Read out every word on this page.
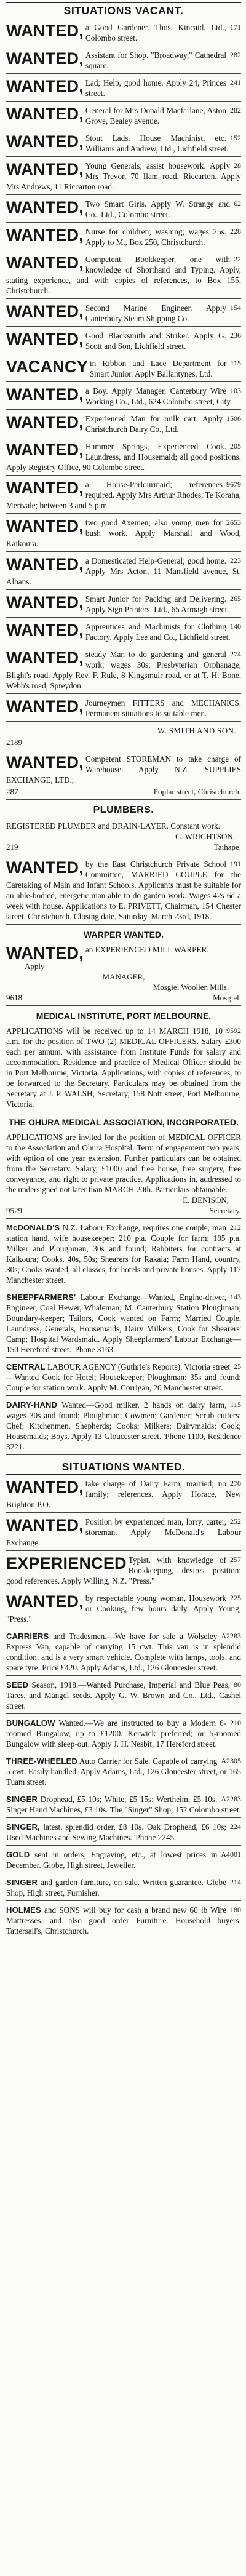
SITUATIONS VACANT.
171
WANTED, a Good Gardener. Thos. Kincaid, Ltd., Colombo street.
282
WANTED, Assistant for Shop. "Broadway," Cathedral square.
241
WANTED, Lad; Help, good home. Apply 24, Princes street.
282
WANTED, General for Mrs Donald Macfarlane, Aston Grove, Bealey avenue.
152
WANTED, Stout Lads. House Machinist, etc. Williams and Andrew, Ltd., Lichfield street.
28
WANTED, Young Generals; assist housework. Apply Mrs Trevor, 70 Ilam road, Riccarton. Apply Mrs Andrews, 11 Riccarton road.
62
WANTED, Two Smart Girls. Apply W. Strange and Co., Ltd., Colombo street.
228
WANTED, Nurse for children; washing; wages 25s. Apply to M., Box 250, Christchurch.
22
WANTED, Competent Bookkeeper, one with knowledge of Shorthand and Typing. Apply, stating experience, and with copies of references, to Box 155, Christchurch.
154
WANTED, Second Marine Engineer. Apply Canterbury Steam Shipping Co.
236
WANTED, Good Blacksmith and Striker. Apply G. Scott and Son, Lichfield street.
115
VACANCY in Ribbon and Lace Department for Smart Junior. Apply Ballantynes, Ltd.
103
WANTED, a Boy. Apply Manager, Canterbury Wire Working Co., Ltd., 624 Colombo street, City.
1506
WANTED, Experienced Man for milk cart. Apply Christchurch Dairy Co., Ltd.
205
WANTED, Hammer Springs, Experienced Cook. Laundress, and Housemaid; all good positions. Apply Registry Office, 90 Colombo street.
9679
WANTED, a House-Parlourmaid; references required. Apply Mrs Arthur Rhodes, Te Koraha, Merivale; between 3 and 5 p.m.
2653
WANTED, two good Axemen; also young men for bush work. Apply Marshall and Wood, Kaikoura.
223
WANTED, a Domesticated Help-General; good home. Apply Mrs Acton, 11 Mansfield avenue, St. Albans.
265
WANTED, Smart Junior for Packing and Delivering. Apply Sign Printers, Ltd., 65 Armagh street.
140
WANTED, Apprentices and Machinists for Clothing Factory. Apply Lee and Co., Lichfield street.
274
WANTED, steady Man to do gardening and general work; wages 30s; Presbyterian Orphanage, Blight's road. Apply Rev. F. Rule, 8 Kingsmuir road, or at T. H. Bone, Webb's road, Spreydon.
WANTED, Journeymen FITTERS and MECHANICS. Permanent situations to suitable men.
W. SMITH AND SON.
2189
WANTED, Competent STOREMAN to take charge of Warehouse. Apply N.Z. SUPPLIES EXCHANGE, LTD.,
287	Poplar street, Christchurch.
PLUMBERS.
REGISTERED PLUMBER and DRAIN-LAYER. Constant work.
G. WRIGHTSON,
219	Taihape.
191
WANTED, by the East Christchurch Private School Committee, MARRIED COUPLE for the Caretaking of Main and Infant Schools. Applicants must be suitable for an able-bodied, energetic man able to do garden work. Wages 42s 6d a week with house. Applications to E. PRIVETT, Chairman, 154 Chester street, Christchurch. Closing date, Saturday, March 23rd, 1918.
WARPER WANTED.
WANTED, an EXPERIENCED MILL WARPER.
Apply
MANAGER,
Mosgiel Woollen Mills,
9618	Mosgiel.
MEDICAL INSTITUTE, PORT MELBOURNE.
9592
APPLICATIONS will be received up to 14 MARCH 1918, 10 a.m. for the position of TWO (2) MEDICAL OFFICERS. Salary £300 each per annum, with assistance from Institute Funds for salary and accommodation. Residence and practice of Medical Officer should be in Port Melbourne, Victoria. Applications, with copies of references, to be forwarded to the Secretary. Particulars may be obtained from the Secretary at J. P. WALSH, Secretary, 158 Nott street, Port Melbourne, Victoria.
THE OHURA MEDICAL ASSOCIATION, INCORPORATED.
APPLICATIONS are invited for the position of MEDICAL OFFICER to the Association and Ohura Hospital. Term of engagement two years, with option of one year extension. Further particulars can be obtained from the Secretary. Salary, £1000 and free house, free surgery, free conveyance, and right to private practice. Applications in, addressed to the undersigned not later than MARCH 20th. Particulars obtainable.
E. DENISON,
9529	Secretary.
212
McDONALD'S N.Z. Labour Exchange, requires one couple, man station hand, wife housekeeper; 210 p.a. Couple for farm; 185 p.a. Milker and Ploughman, 30s and found; Rabbiters for contracts at Kaikoura; Cooks, 40s, 50s; Shearers for Rakaia; Farm Hand, country, 30s; Cooks wanted, all classes, for hotels and private houses. Apply 117 Manchester street.
143
SHEEPFARMERS' Labour Exchange—Wanted, Engine-driver, Engineer, Coal Hewer, Whaleman; M. Canterbury Station Ploughman; Boundary-keeper; Tailors, Cook wanted on Farm; Married Couple, Laundress, Generals, Housemaids, Dairy Milkers; Cook for Shearers' Camp; Hospital Wardsmaid. Apply Sheepfarmers' Labour Exchange—150 Hereford street. 'Phone 3163.
25
CENTRAL LABOUR AGENCY (Guthrie's Reports), Victoria street—Wanted Cook for Hotel; Housekeeper; Ploughman; 35s and found; Couple for station work. Apply M. Corrigan, 20 Manchester street.
115
DAIRY-HAND Wanted—Good milker, 2 hands on dairy farm, wages 30s and found; Ploughman; Cowmen; Gardener; Scrub cutters; Chef; Kitchenmen. Shepherds; Cooks; Milkers; Dairymaids; Cook; Housemaids; Boys. Apply 13 Gloucester street. 'Phone 1100, Residence 3221.
SITUATIONS WANTED.
270
WANTED, take charge of Dairy Farm, married; no family; references. Apply Horace, New Brighton P.O.
252
WANTED, Position by experienced man, lorry, carter, storeman. Apply McDonald's Labour Exchange.
257
EXPERIENCED Typist, with knowledge of Bookkeeping, desires position; good references. Apply Willing, N.Z. "Press."
225
WANTED, by respectable young woman, Housework or Cooking, few hours daily. Apply Young, "Press."
A2283
CARRIERS and Tradesmen.—We have for sale a Wolseley Express Van, capable of carrying 15 cwt. This van is in splendid condition, and is a very smart vehicle. Complete with lamps, tools, and spare tyre. Price £420. Apply Adams, Ltd., 126 Gloucester street.
80
SEED Season, 1918.—Wanted Purchase, Imperial and Blue Peas, Tares, and Mangel seeds. Apply G. W. Brown and Co., Ltd., Cashel street.
210
BUNGALOW Wanted.—We are instructed to buy a Modern 6-roomed Bungalow, up to £1200. Kerwick preferred; or 5-roomed Bungalow with sleep-out. Apply J. H. Nesbit, 17 Hereford street.
A2305
THREE-WHEELED Auto Carrier for Sale. Capable of carrying 5 cwt. Easily handled. Apply Adams, Ltd., 126 Gloucester street, or 165 Tuam street.
A2283
SINGER Drophead, £5 10s; White, £5 15s; Wertheim, £5 10s. Singer Hand Machines, £3 10s. The "Singer" Shop, 152 Colombo street.
224
SINGER, latest, splendid order, £8 10s. Oak Drophead, £6 10s; Used Machines and Sewing Machines. 'Phone 2245.
A4001
GOLD sent in orders, Engraving, etc., at lowest prices in December. Globe, High street, Jeweller.
214
SINGER and garden furniture, on sale. Written guarantee. Globe Shop, High street, Furnisher.
180
HOLMES and SONS will buy for cash a brand new 60 lb Wire Mattresses, and also good order Furniture. Household buyers, Tattersall's, Christchurch.
